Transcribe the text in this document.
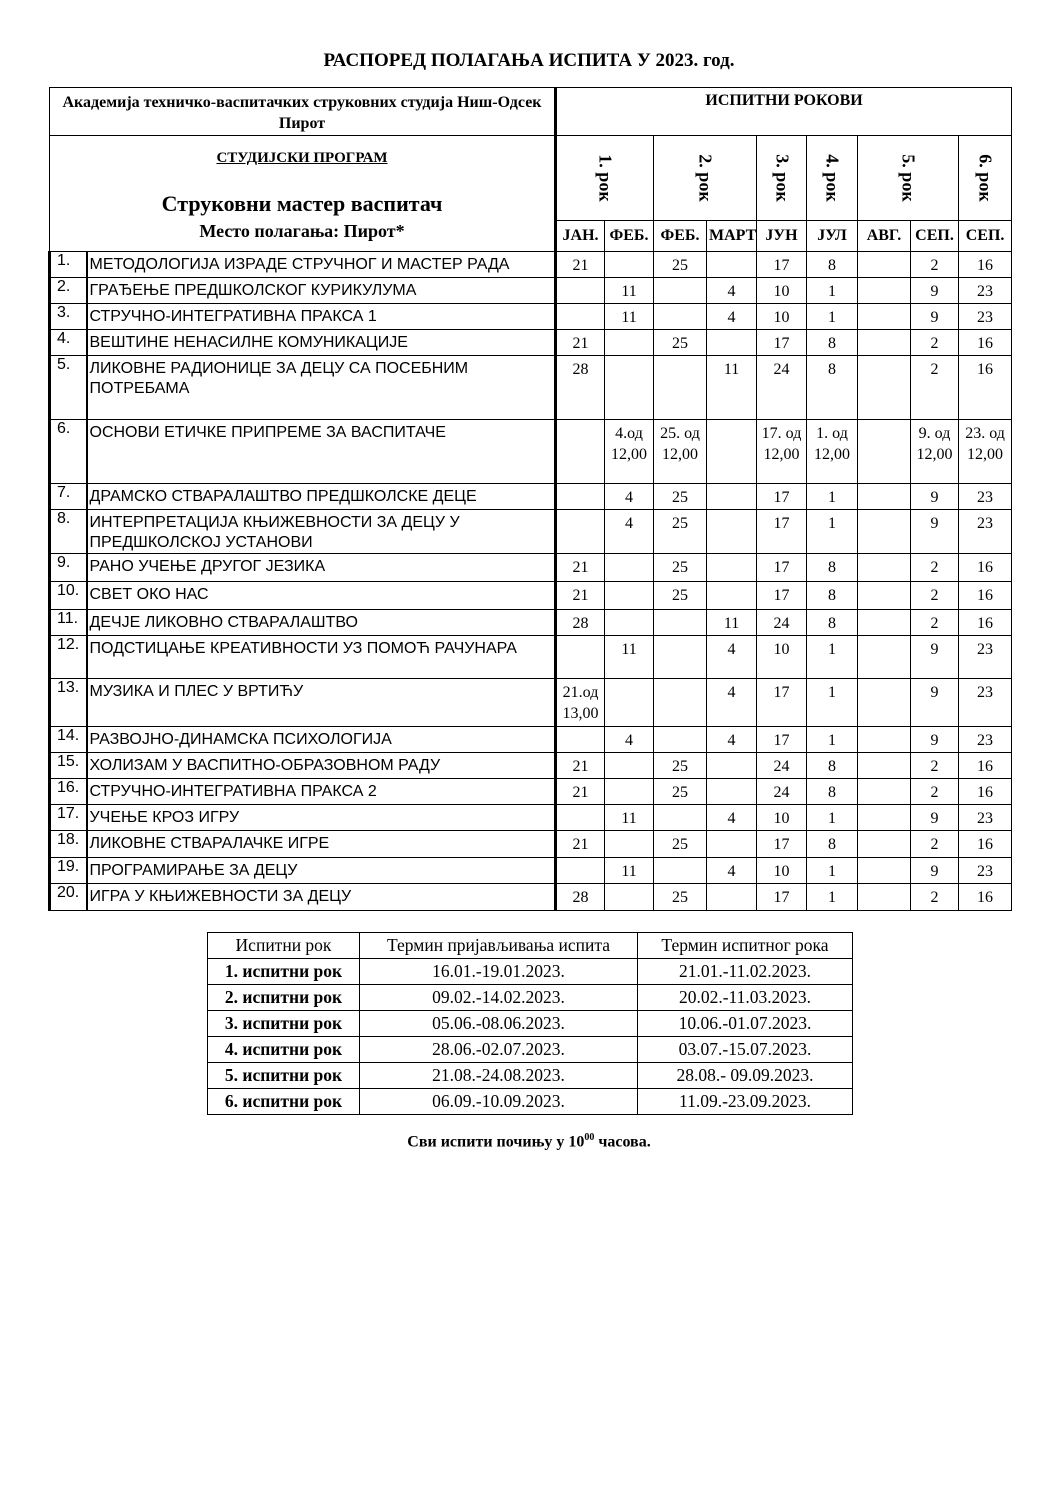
РАСПОРЕД ПОЛАГАЊА ИСПИТА У 2023. год.
Академија техничко-васпитачких струковних студија Ниш-Одсек Пирот		ИСПИТНИ РОКОВИ								

СТУДИЈСКИ ПРОГРАМ
Струковни мастер васпитач
Место полагања: Пирот*		1. рок		2. рок		3. рок	4. рок	5. рок		6. рок

		ЈАН.	ФЕБ.	ФЕБ.	МАРТ	ЈУН	ЈУЛ	АВГ.	СЕП.	СЕП.
1.	МЕТОДОЛОГИЈА ИЗРАДЕ СТРУЧНОГ И МАСТЕР РАДА	21		25		17	8		2	16
2.	ГРАЂЕЊЕ ПРЕДШКОЛСКОГ КУРИКУЛУМА		11		4	10	1		9	23
3.	СТРУЧНО-ИНТЕГРАТИВНА ПРАКСА 1		11		4	10	1		9	23
4.	ВЕШТИНЕ НЕНАСИЛНЕ КОМУНИКАЦИЈЕ	21		25		17	8		2	16
5.	ЛИКОВНЕ РАДИОНИЦЕ ЗА ДЕЦУ СА ПОСЕБНИМ ПОТРЕБАМА	28			11	24	8		2	16
6.	ОСНОВИ ЕТИЧКЕ ПРИПРЕМЕ ЗА ВАСПИТАЧЕ		4.од 12,00	25. од 12,00		17. од 12,00	1. од 12,00		9. од 12,00	23. од 12,00
7.	ДРАМСКО СТВАРАЛАШТВО ПРЕДШКОЛСКЕ ДЕЦЕ		4	25		17	1		9	23
8.	ИНТЕРПРЕТАЦИЈА КЊИЖЕВНОСТИ ЗА ДЕЦУ У ПРЕДШКОЛСКОЈ УСТАНОВИ		4	25		17	1		9	23
9.	РАНО УЧЕЊЕ ДРУГОГ ЈЕЗИКА	21		25		17	8		2	16
10.	СВЕТ ОКО НАС	21		25		17	8		2	16
11.	ДЕЧЈЕ ЛИКОВНО СТВАРАЛАШТВО	28			11	24	8		2	16
12.	ПОДСТИЦАЊЕ КРЕАТИВНОСТИ УЗ ПОМОЋ РАЧУНАРА		11		4	10	1		9	23
13.	МУЗИКА И ПЛЕС У ВРТИЋУ	21.од 13,00			4	17	1		9	23
14.	РАЗВОЈНО-ДИНАМСКА ПСИХОЛОГИЈА		4		4	17	1		9	23
15.	ХОЛИЗАМ У ВАСПИТНО-ОБРАЗОВНОМ РАДУ	21		25		24	8		2	16
16.	СТРУЧНО-ИНТЕГРАТИВНА ПРАКСА 2	21		25		24	8		2	16
17.	УЧЕЊЕ КРОЗ ИГРУ		11		4	10	1		9	23
18.	ЛИКОВНЕ СТВАРАЛАЧКЕ ИГРЕ	21		25		17	8		2	16
19.	ПРОГРАМИРАЊЕ ЗА ДЕЦУ		11		4	10	1		9	23
20.	ИГРА У КЊИЖЕВНОСТИ ЗА ДЕЦУ	28		25		17	1		2	16
Испитни рок	Термин пријављивања испита	Термин испитног рока
1. испитни рок	16.01.-19.01.2023.	21.01.-11.02.2023.
2. испитни рок	09.02.-14.02.2023.	20.02.-11.03.2023.
3. испитни рок	05.06.-08.06.2023.	10.06.-01.07.2023.
4. испитни рок	28.06.-02.07.2023.	03.07.-15.07.2023.
5. испитни рок	21.08.-24.08.2023.	28.08.- 09.09.2023.
6. испитни рок	06.09.-10.09.2023.	11.09.-23.09.2023.
Сви испити почињу у $10^{00}$ часова.
